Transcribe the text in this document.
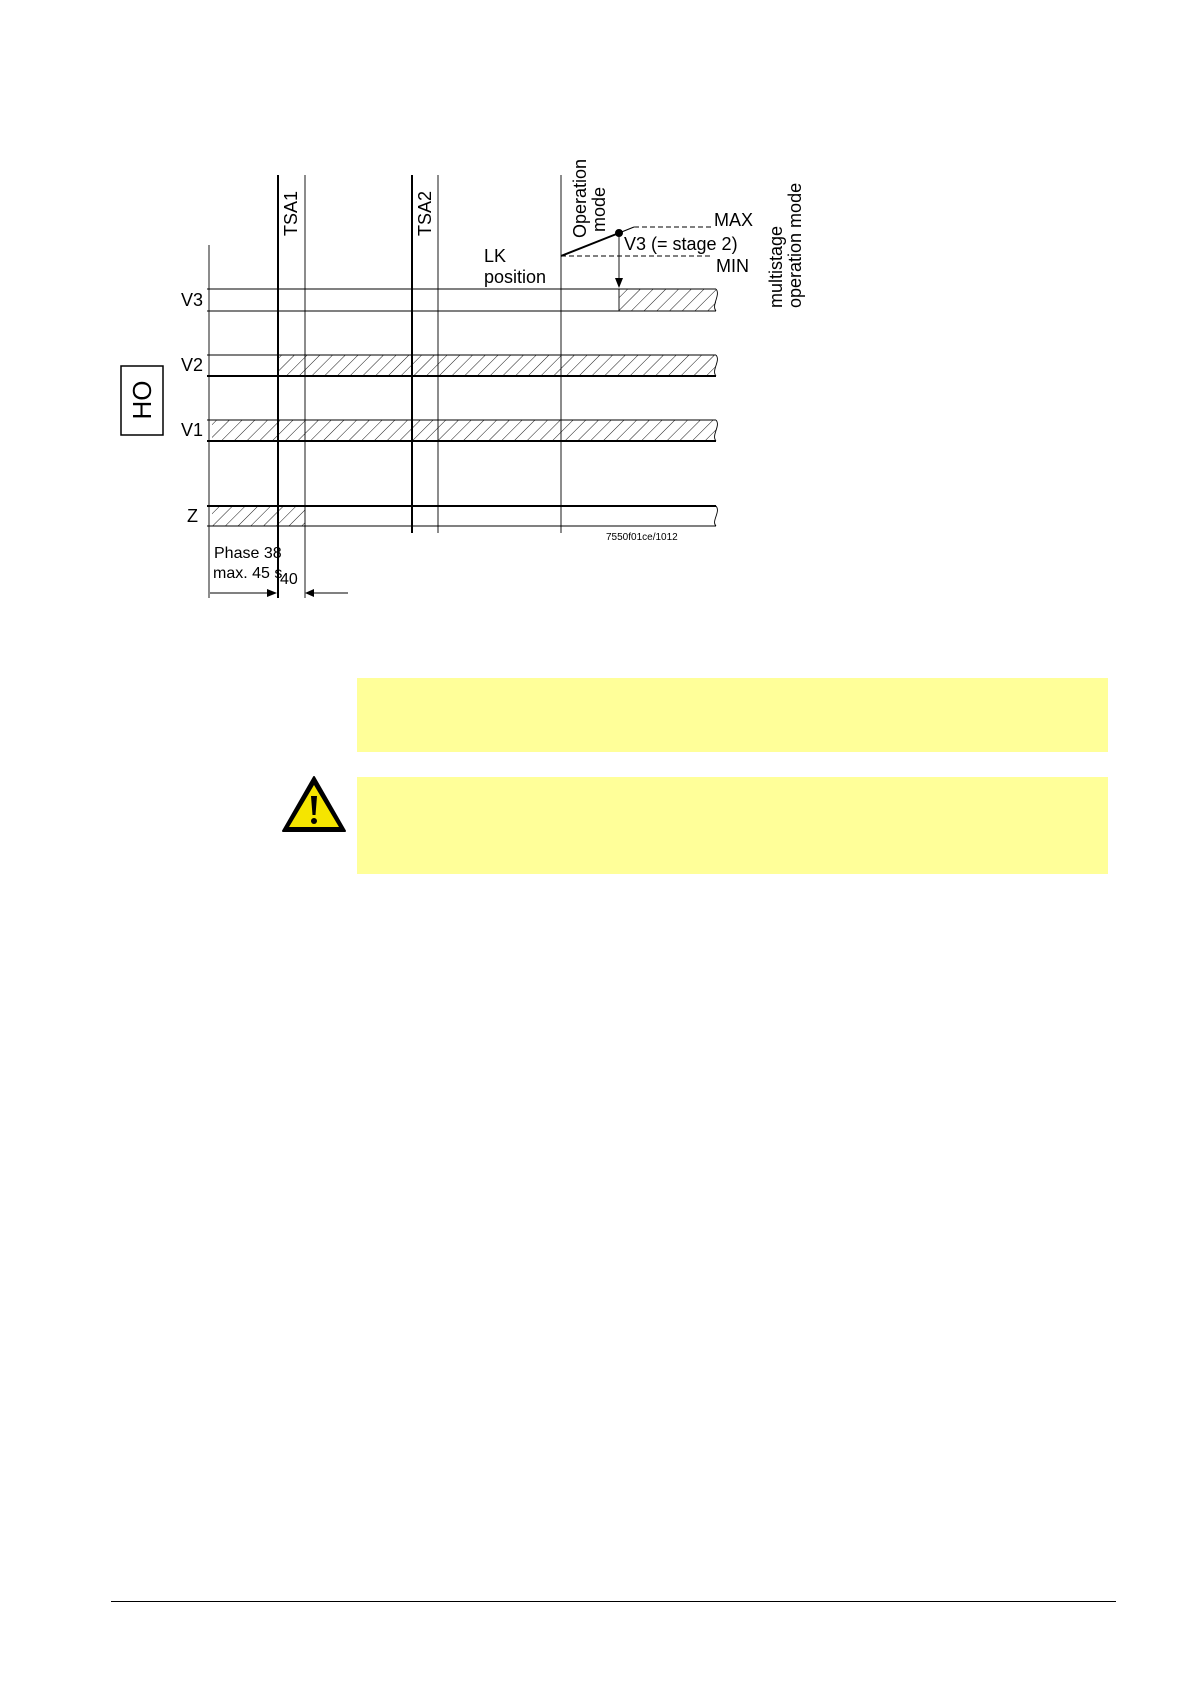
HO
V3
V2
V1
Z
TSA1	TSA2	Operation mode
multistage operation mode
LK
position
MAX
MIN
V3 (= stage 2)
7550f01ce/1012
Phase 38
max. 45 s
40
